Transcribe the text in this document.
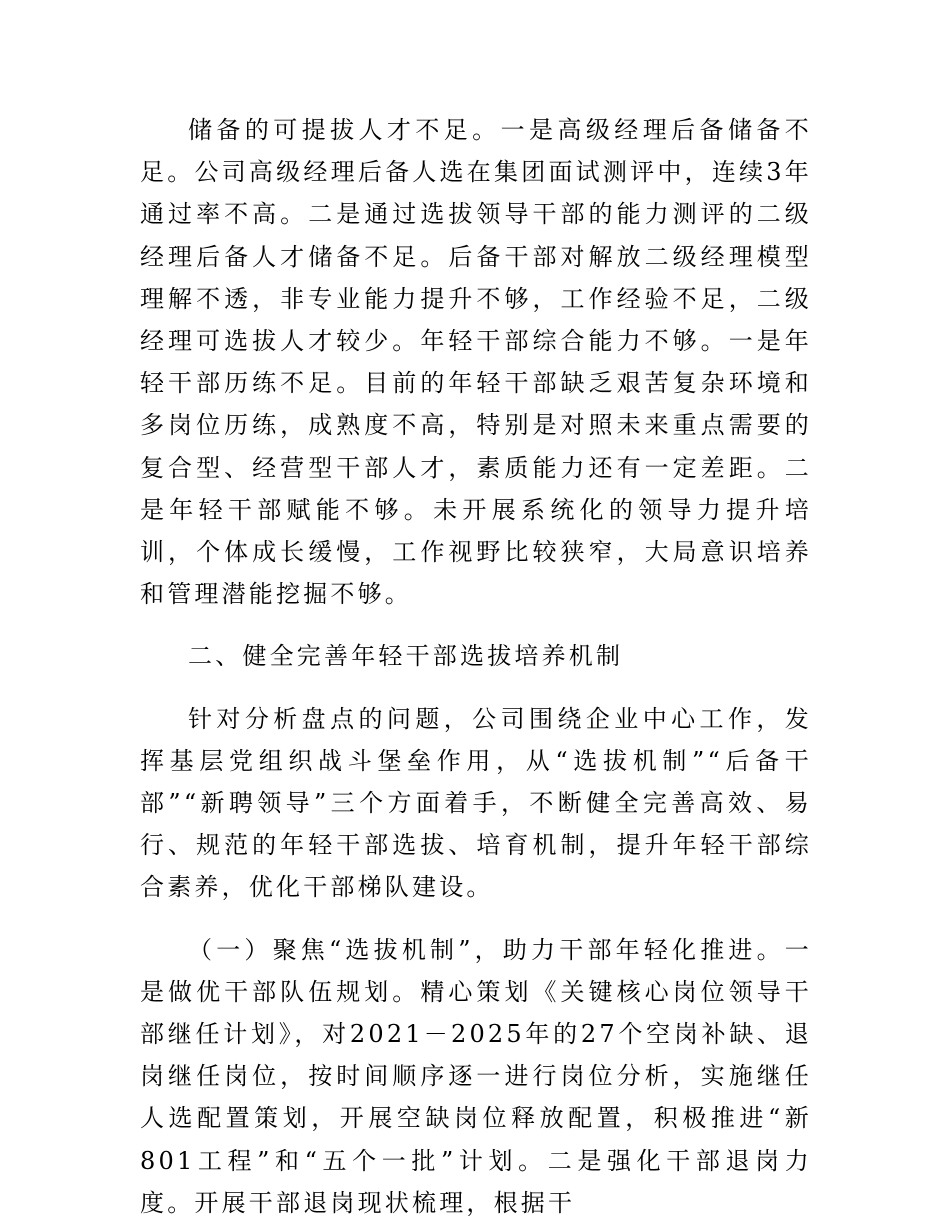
储备的可提拔人才不足。一是高级经理后备储备不足。公司高级经理后备人选在集团面试测评中，连续3年通过率不高。二是通过选拔领导干部的能力测评的二级经理后备人才储备不足。后备干部对解放二级经理模型理解不透，非专业能力提升不够，工作经验不足，二级经理可选拔人才较少。年轻干部综合能力不够。一是年轻干部历练不足。目前的年轻干部缺乏艰苦复杂环境和多岗位历练，成熟度不高，特别是对照未来重点需要的复合型、经营型干部人才，素质能力还有一定差距。二是年轻干部赋能不够。未开展系统化的领导力提升培训，个体成长缓慢，工作视野比较狭窄，大局意识培养和管理潜能挖掘不够。

二、健全完善年轻干部选拔培养机制

针对分析盘点的问题，公司围绕企业中心工作，发挥基层党组织战斗堡垒作用，从“选拔机制”“后备干部”“新聘领导”三个方面着手，不断健全完善高效、易行、规范的年轻干部选拔、培育机制，提升年轻干部综合素养，优化干部梯队建设。

（一）聚焦“选拔机制”，助力干部年轻化推进。一是做优干部队伍规划。精心策划《关键核心岗位领导干部继任计划》，对2021－2025年的27个空岗补缺、退岗继任岗位，按时间顺序逐一进行岗位分析，实施继任人选配置策划，开展空缺岗位释放配置，积极推进“新801工程”和“五个一批”计划。二是强化干部退岗力度。开展干部退岗现状梳理，根据干
